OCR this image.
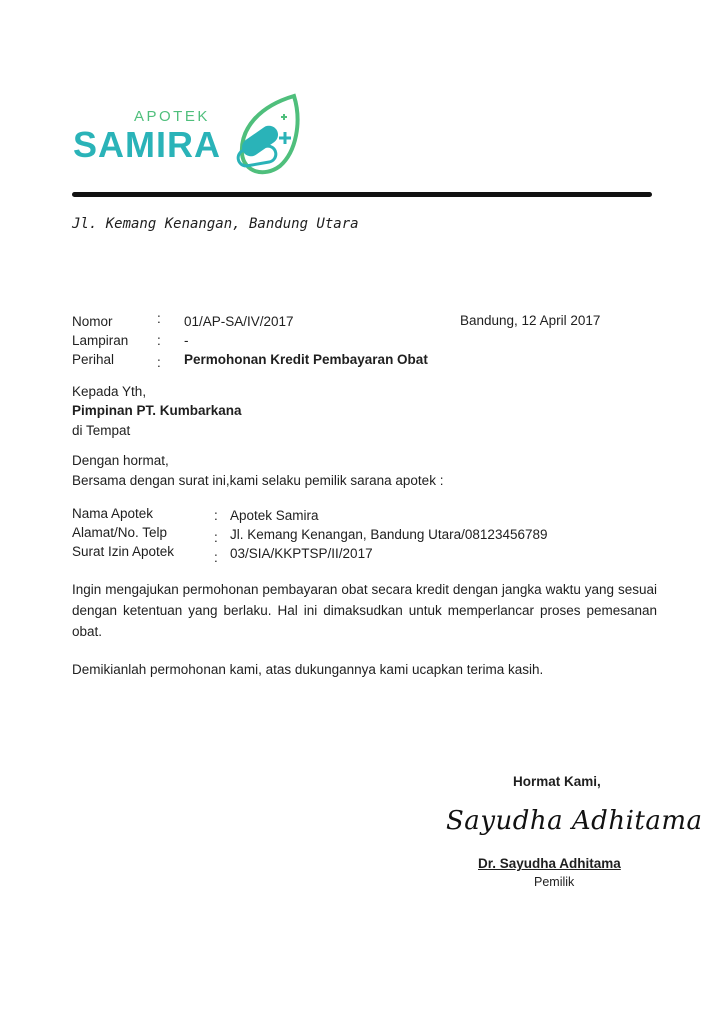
APOTEK
SAMIRA
Jl. Kemang Kenangan, Bandung Utara
Nomor	: 01/AP-SA/IV/2017	Bandung, 12 April 2017
Lampiran : -
Perihal	: Permohonan Kredit Pembayaran Obat
Kepada Yth,
Pimpinan PT. Kumbarkana
di Tempat
Dengan hormat,
Bersama dengan surat ini,kami selaku pemilik sarana apotek :
Nama Apotek	: Apotek Samira
Alamat/No. Telp	: Jl. Kemang Kenangan, Bandung Utara/08123456789
Surat Izin Apotek	: 03/SIA/KKPTSP/II/2017
Ingin mengajukan permohonan pembayaran obat secara kredit dengan jangka waktu yang sesuai dengan ketentuan yang berlaku. Hal ini dimaksudkan untuk memperlancar proses pemesanan obat.
Demikianlah permohonan kami, atas dukungannya kami ucapkan terima kasih.
Hormat Kami,
Sayudha Adhitama
Dr. Sayudha Adhitama
Pemilik
